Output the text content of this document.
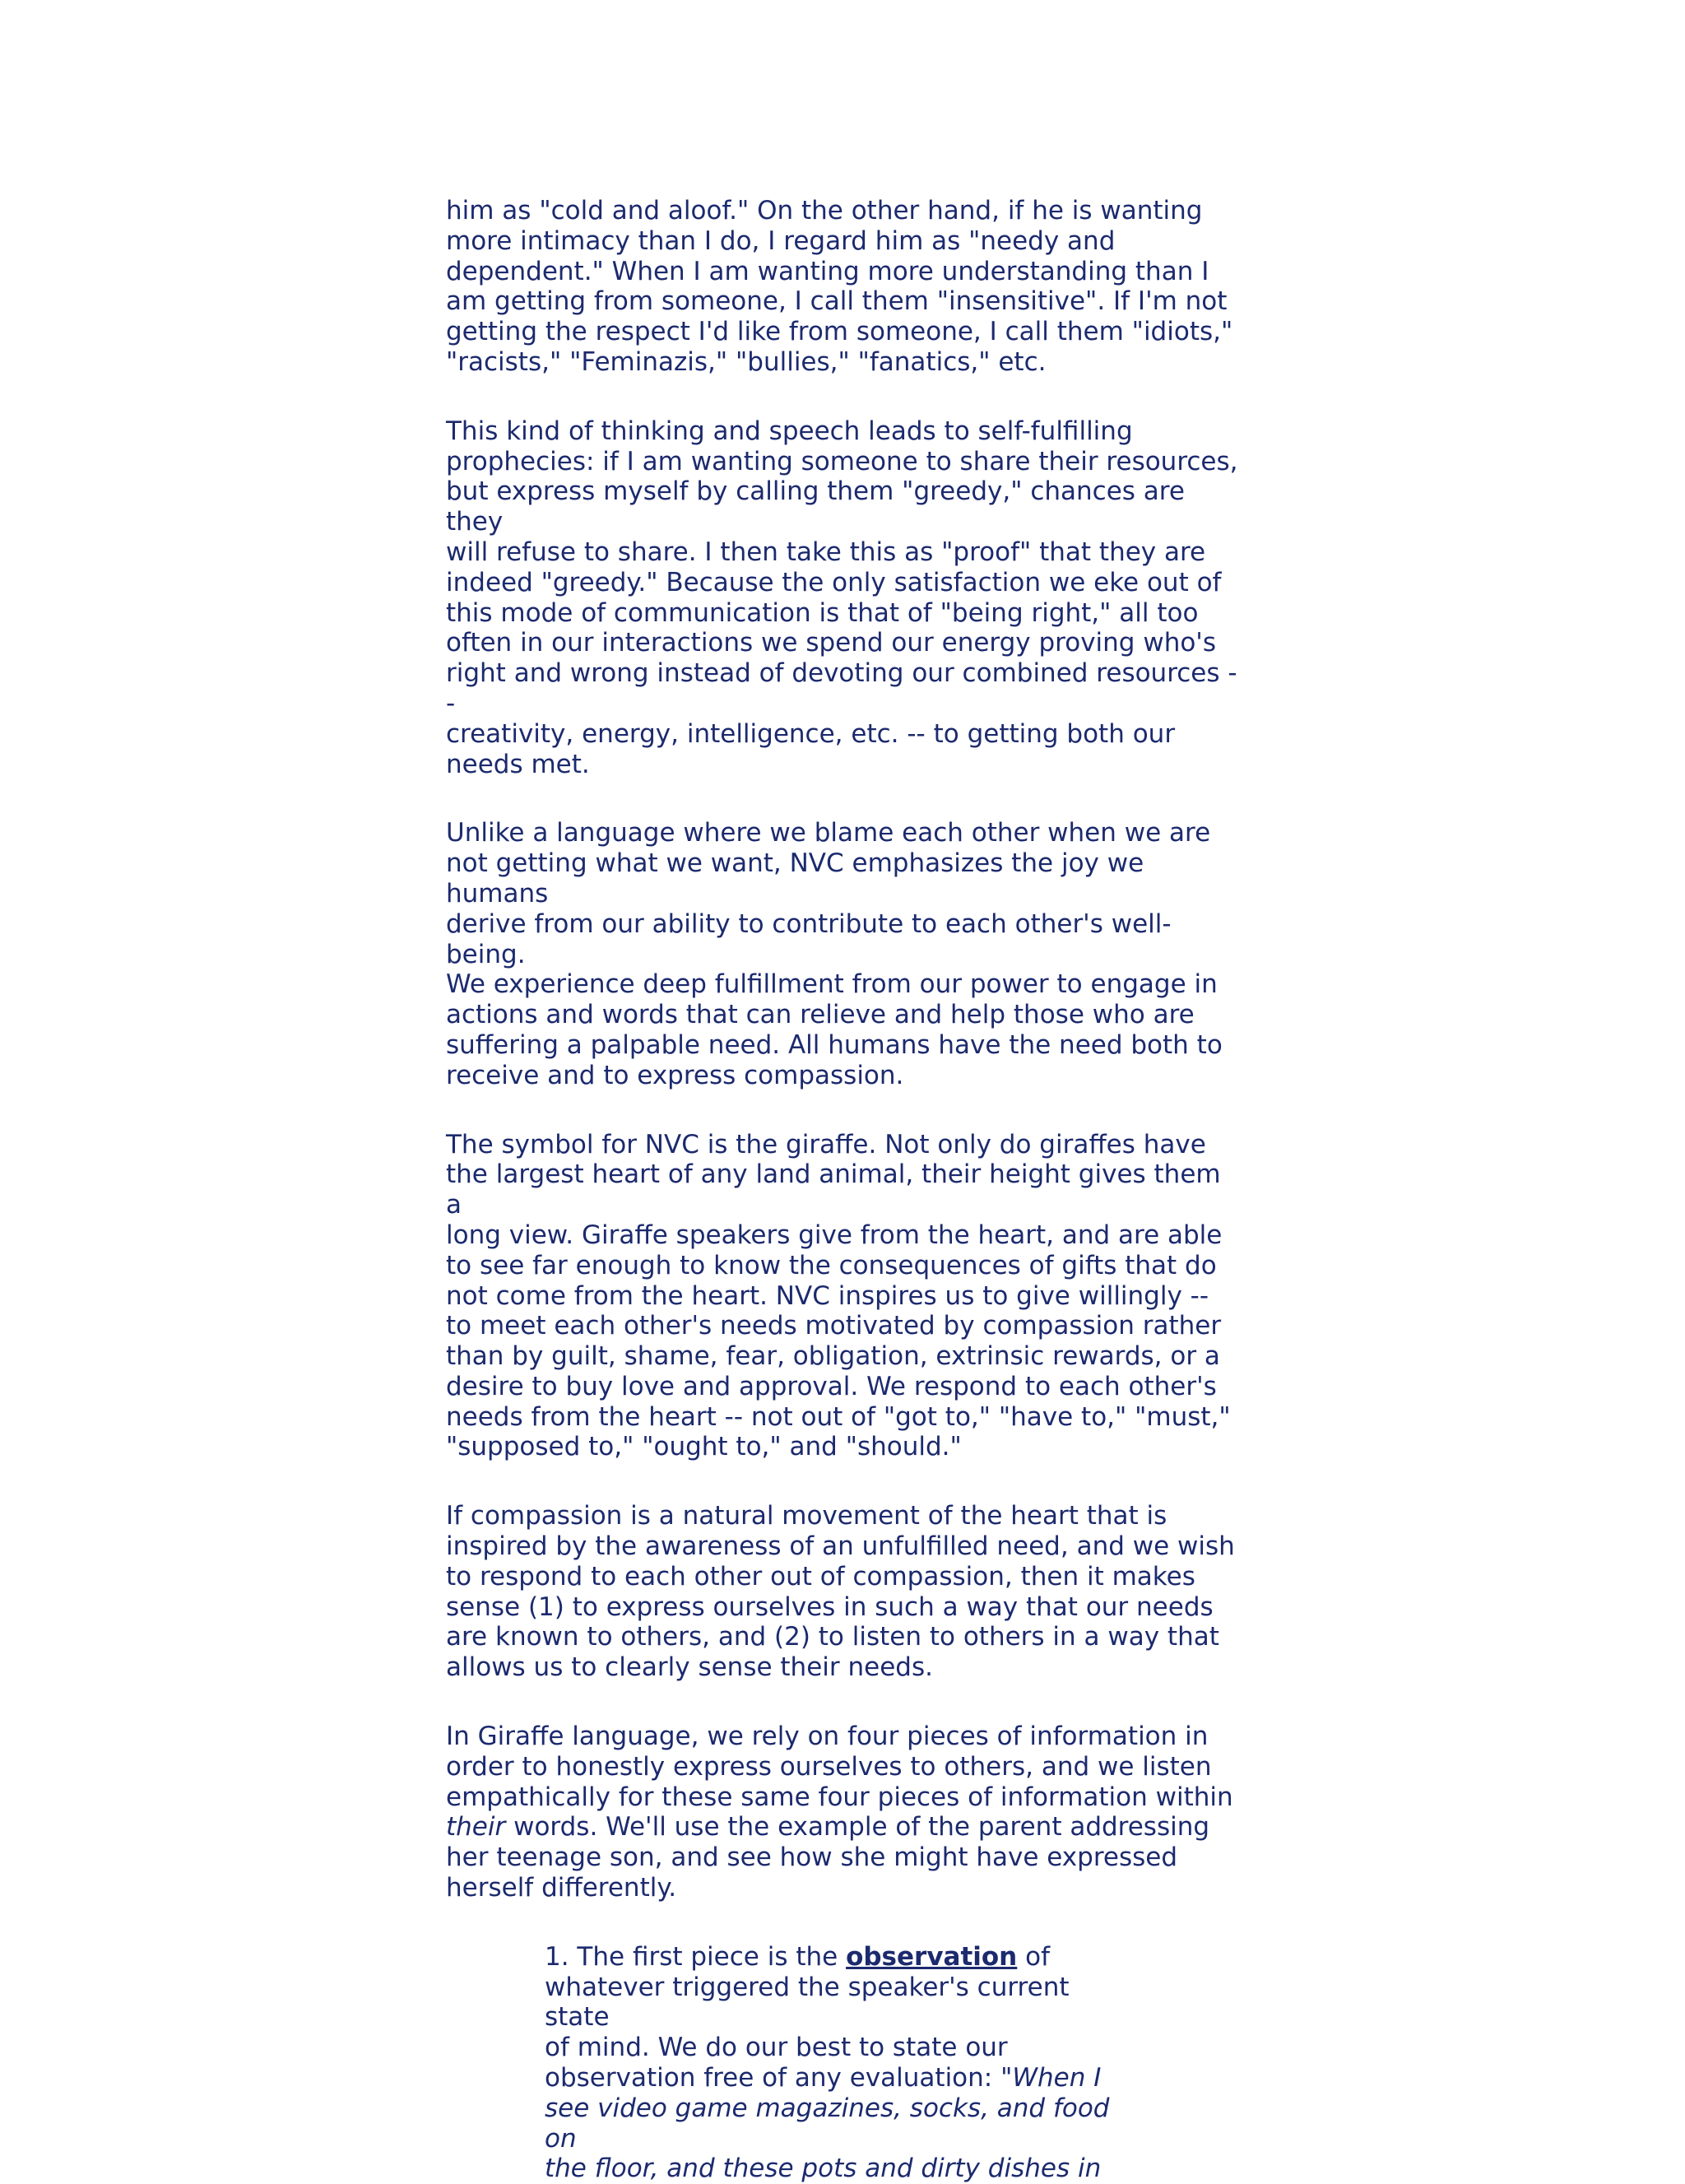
him as "cold and aloof." On the other hand, if he is wanting
more intimacy than I do, I regard him as "needy and
dependent." When I am wanting more understanding than I
am getting from someone, I call them "insensitive". If I'm not
getting the respect I'd like from someone, I call them "idiots,"
"racists," "Feminazis," "bullies," "fanatics," etc.

This kind of thinking and speech leads to self-fulfilling
prophecies: if I am wanting someone to share their resources,
but express myself by calling them "greedy," chances are they
will refuse to share. I then take this as "proof" that they are
indeed "greedy." Because the only satisfaction we eke out of
this mode of communication is that of "being right," all too
often in our interactions we spend our energy proving who's
right and wrong instead of devoting our combined resources --
creativity, energy, intelligence, etc. -- to getting both our
needs met.

Unlike a language where we blame each other when we are
not getting what we want, NVC emphasizes the joy we humans
derive from our ability to contribute to each other's well-being.
We experience deep fulfillment from our power to engage in
actions and words that can relieve and help those who are
suffering a palpable need. All humans have the need both to
receive and to express compassion.

The symbol for NVC is the giraffe. Not only do giraffes have
the largest heart of any land animal, their height gives them a
long view. Giraffe speakers give from the heart, and are able
to see far enough to know the consequences of gifts that do
not come from the heart. NVC inspires us to give willingly --
to meet each other's needs motivated by compassion rather
than by guilt, shame, fear, obligation, extrinsic rewards, or a
desire to buy love and approval. We respond to each other's
needs from the heart -- not out of "got to," "have to," "must,"
"supposed to," "ought to," and "should."

If compassion is a natural movement of the heart that is
inspired by the awareness of an unfulfilled need, and we wish
to respond to each other out of compassion, then it makes
sense (1) to express ourselves in such a way that our needs
are known to others, and (2) to listen to others in a way that
allows us to clearly sense their needs.

In Giraffe language, we rely on four pieces of information in
order to honestly express ourselves to others, and we listen
empathically for these same four pieces of information within
their words. We'll use the example of the parent addressing
her teenage son, and see how she might have expressed
herself differently.

1. The first piece is the observation of
whatever triggered the speaker's current state
of mind. We do our best to state our
observation free of any evaluation: "When I
see video game magazines, socks, and food on
the floor, and these pots and dirty dishes in
